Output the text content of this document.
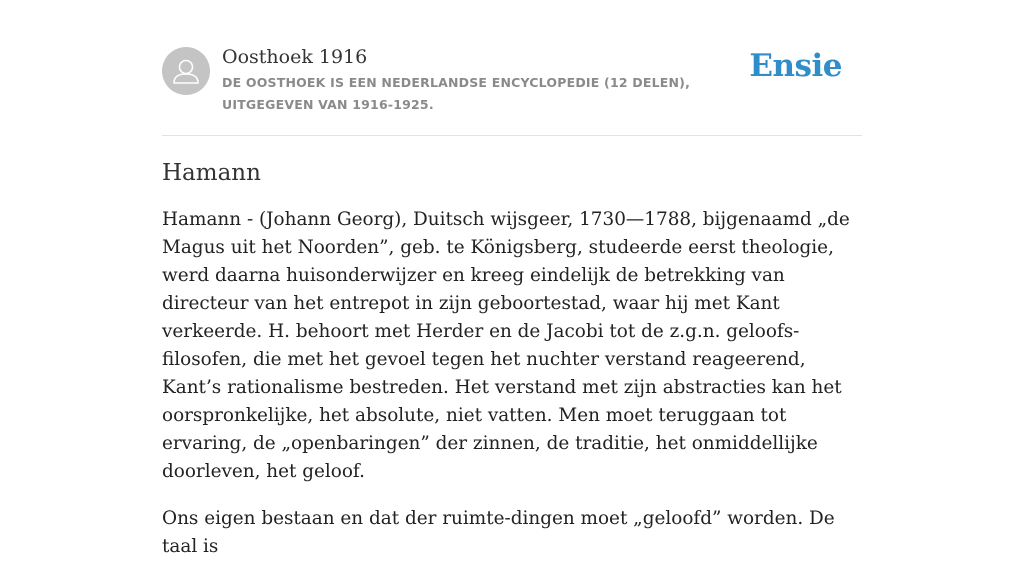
Oosthoek 1916
DE OOSTHOEK IS EEN NEDERLANDSE ENCYCLOPEDIE (12 DELEN), UITGEGEVEN VAN 1916-1925.
Ensie
Hamann

Hamann - (Johann Georg), Duitsch wijsgeer, 1730—1788, bijgenaamd „de Magus uit het Noorden”, geb. te Königsberg, studeerde eerst theologie, werd daarna huisonderwijzer en kreeg eindelijk de betrekking van directeur van het entrepot in zijn geboortestad, waar hij met Kant verkeerde. H. behoort met Herder en de Jacobi tot de z.g.n. geloofs-filosofen, die met het gevoel tegen het nuchter verstand reageerend, Kant’s rationalisme bestreden. Het verstand met zijn abstracties kan het oorspronkelijke, het absolute, niet vatten. Men moet teruggaan tot ervaring, de „openbaringen” der zinnen, de traditie, het onmiddellijke doorleven, het geloof.

Ons eigen bestaan en dat der ruimte-dingen moet „geloofd” worden. De taal is
